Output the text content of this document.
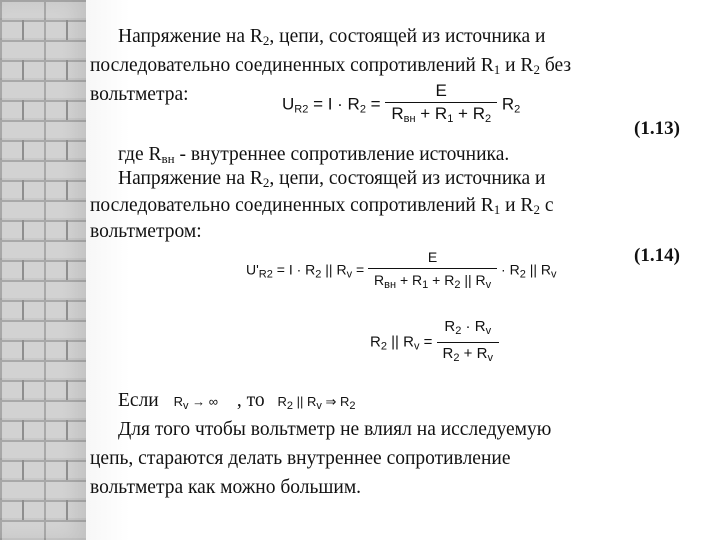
Напряжение на $R_2$, цепи, состоящей из источника и
последовательно соединенных сопротивлений $R_1$ и $R_2$ без
вольтметра:	$UR2 = I \cdot R2 = \frac{E}{\text{Rвн + R1 + R2}} R2$
(1.13)
где $R_{вн}$ - внутреннее сопротивление источника.
Напряжение на $R_2$, цепи, состоящей из источника и
последовательно соединенных сопротивлений $R_1$ и $R_2$ с
вольтметром:
(1.14)
$U'_{R2} = I \cdot R_2$ || $R_v = \frac{E}{R_{вн} + R_1 + R_2 || R_v} \cdot R_2$ || $R_v$
$R_2$ || $R_v = \frac{R_2 \cdot R_v}{R_2 + R_v}$
Если $R_v$ → ∞ , то $R_2$ || $R_v$ ⇒ $R_2$
Для того чтобы вольтметр не влиял на исследуемую
цепь, стараются делать внутреннее сопротивление
вольтметра как можно большим.
